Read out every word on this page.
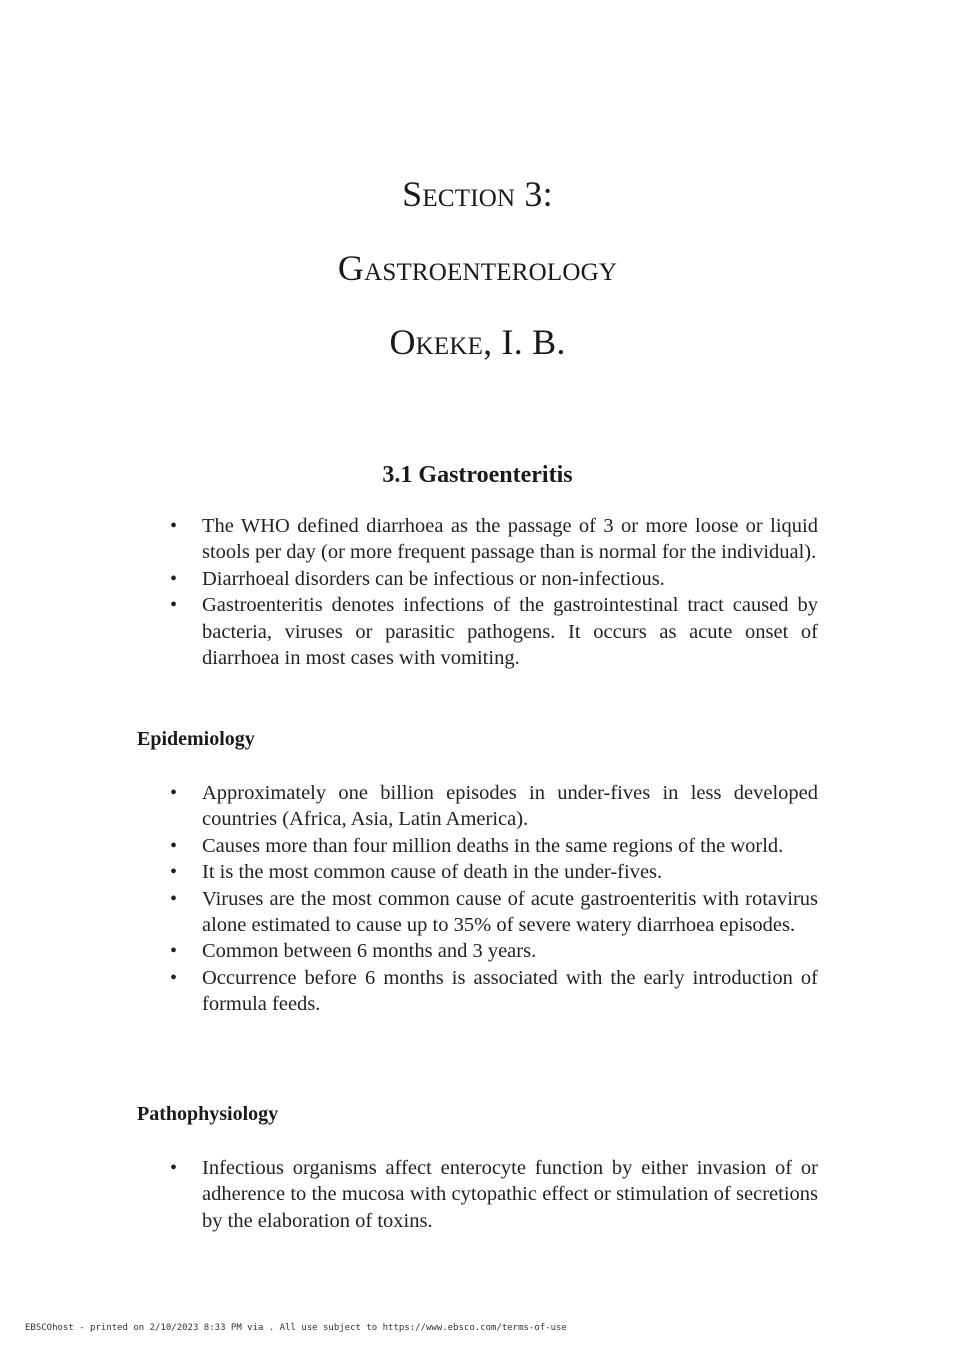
Section 3:
Gastroenterology
Okeke, I. B.
3.1 Gastroenteritis
• The WHO defined diarrhoea as the passage of 3 or more loose or liquid stools per day (or more frequent passage than is normal for the individual).
• Diarrhoeal disorders can be infectious or non-infectious.
• Gastroenteritis denotes infections of the gastrointestinal tract caused by bacteria, viruses or parasitic pathogens. It occurs as acute onset of diarrhoea in most cases with vomiting.
Epidemiology
• Approximately one billion episodes in under-fives in less developed countries (Africa, Asia, Latin America).
• Causes more than four million deaths in the same regions of the world.
• It is the most common cause of death in the under-fives.
• Viruses are the most common cause of acute gastroenteritis with rotavirus alone estimated to cause up to 35% of severe watery diarrhoea episodes.
• Common between 6 months and 3 years.
• Occurrence before 6 months is associated with the early introduction of formula feeds.
Pathophysiology
• Infectious organisms affect enterocyte function by either invasion of or adherence to the mucosa with cytopathic effect or stimulation of secretions by the elaboration of toxins.
EBSCOhost - printed on 2/10/2023 8:33 PM via . All use subject to https://www.ebsco.com/terms-of-use
